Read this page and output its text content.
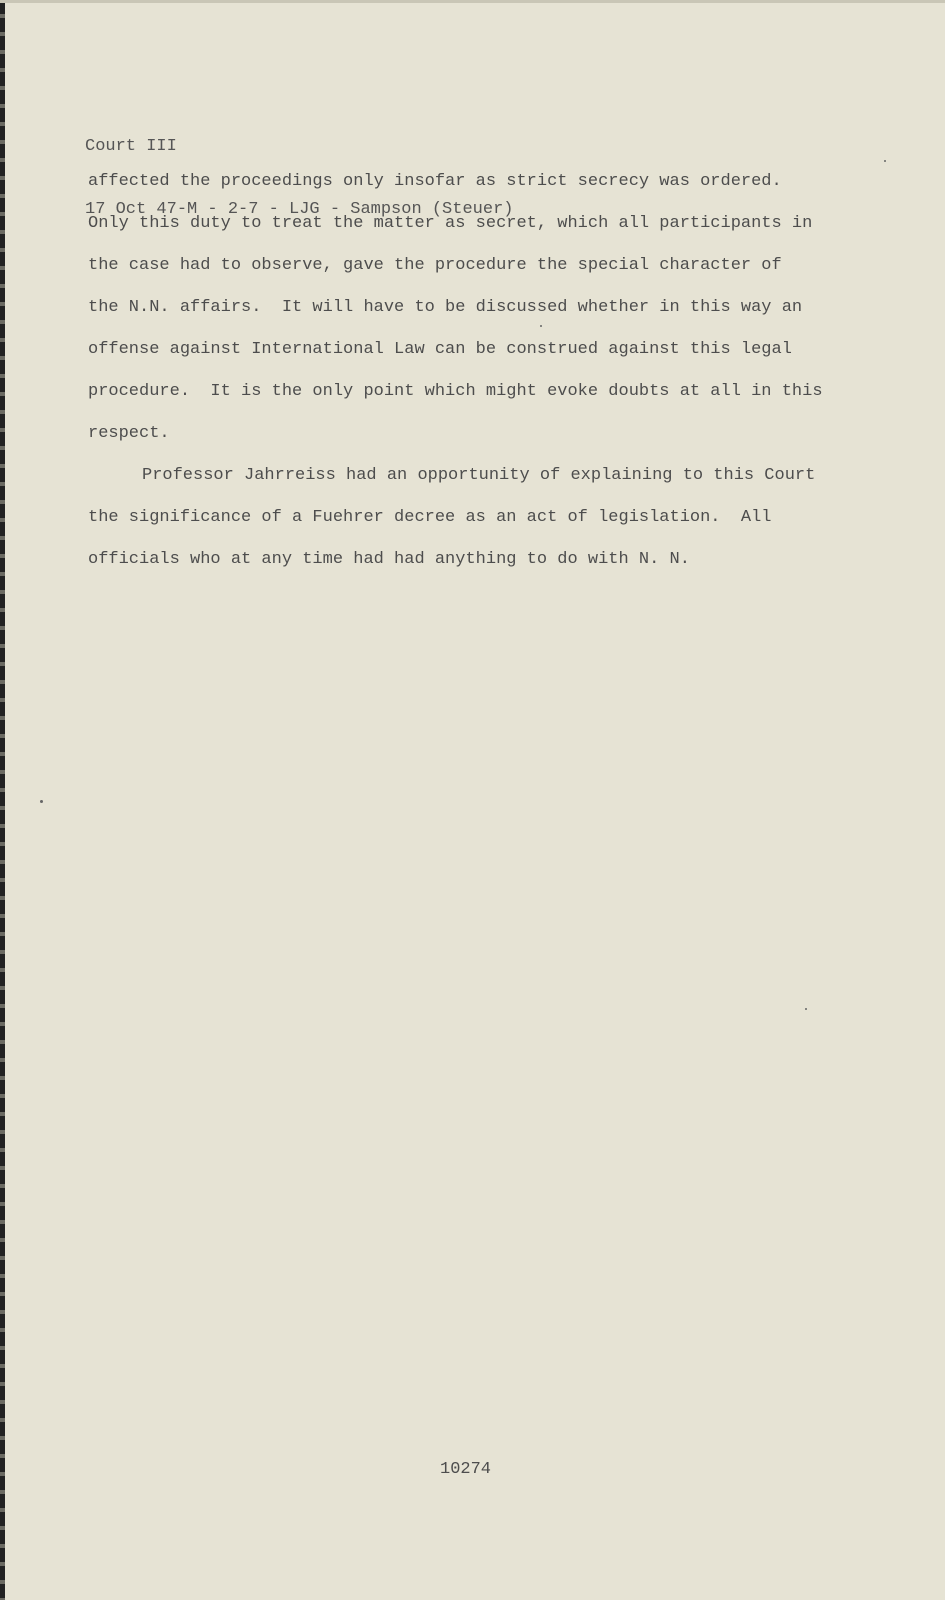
Court III

17 Oct 47-M - 2-7 - LJG - Sampson (Steuer)

affected the proceedings only insofar as strict secrecy was ordered.
Only this duty to treat the matter as secret, which all participants in
the case had to observe, gave the procedure the special character of
the N.N. affairs.  It will have to be discussed whether in this way an
offense against International Law can be construed against this legal
procedure.  It is the only point which might evoke doubts at all in this
respect.
Professor Jahrreiss had an opportunity of explaining to this Court
the significance of a Fuehrer decree as an act of legislation.  All
officials who at any time had had anything to do with N. N.
10274
